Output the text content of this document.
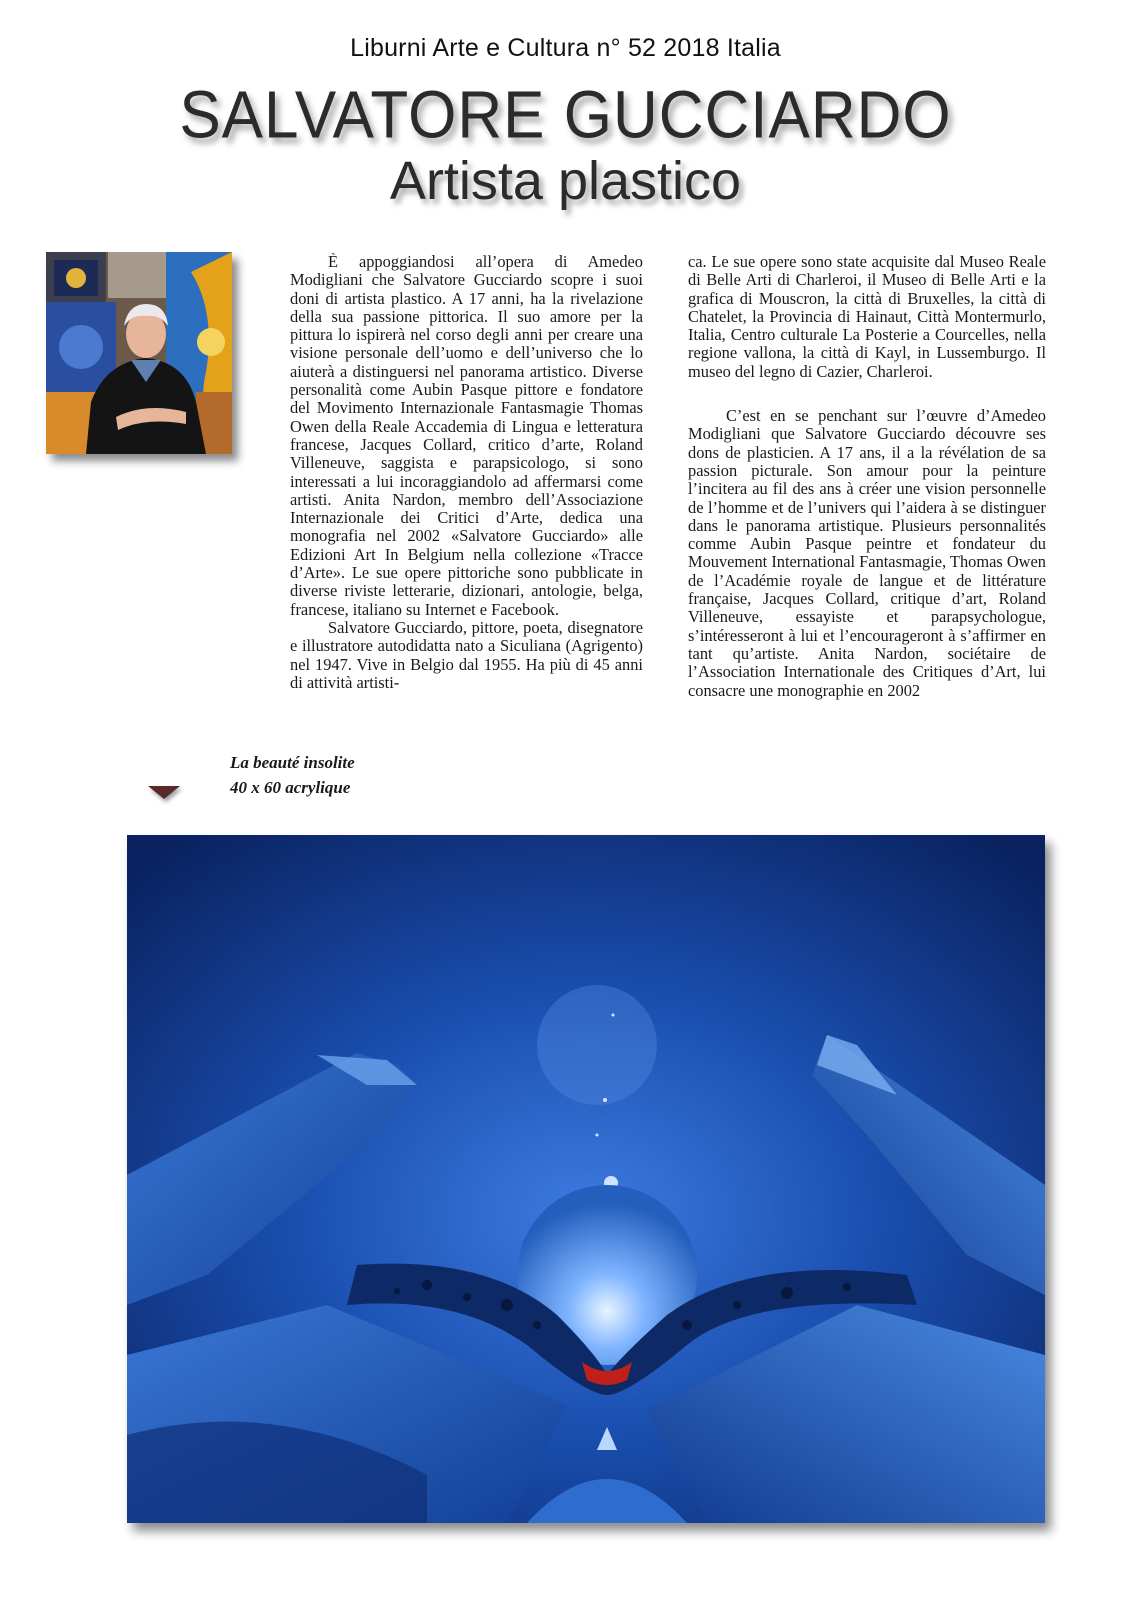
Liburni Arte e Cultura n° 52 2018 Italia
SALVATORE GUCCIARDO
Artista plastico

È appoggiandosi all’opera di Amedeo Modigliani che Salvatore Gucciardo scopre i suoi doni di artista plastico. A 17 anni, ha la rivelazione della sua passione pittorica. Il suo amore per la pittura lo ispirerà nel corso degli anni per creare una visione personale dell’uomo e dell’universo che lo aiuterà a distinguersi nel panorama artistico. Diverse personalità come Aubin Pasque pittore e fondatore del Movimento Internazionale Fantasmagie Thomas Owen della Reale Accademia di Lingua e letteratura francese, Jacques Collard, critico d’arte, Roland Villeneuve, saggista e parapsicologo, si sono interessati a lui incoraggiandolo ad affermarsi come artisti. Anita Nardon, membro dell’Associazione Internazionale dei Critici d’Arte, dedica una monografia nel 2002 «Salvatore Gucciardo» alle Edizioni Art In Belgium nella collezione «Tracce d’Arte». Le sue opere pittoriche sono pubblicate in diverse riviste letterarie, dizionari, antologie, belga, francese, italiano su Internet e Facebook.

Salvatore Gucciardo, pittore, poeta, disegnatore e illustratore autodidatta nato a Siculiana (Agrigento) nel 1947. Vive in Belgio dal 1955. Ha più di 45 anni di attività artisti-

ca. Le sue opere sono state acquisite dal Museo Reale di Belle Arti di Charleroi, il Museo di Belle Arti e la grafica di Mouscron, la città di Bruxelles, la città di Chatelet, la Provincia di Hainaut, Città Montermurlo, Italia, Centro culturale La Posterie a Courcelles, nella regione vallona, la città di Kayl, in Lussemburgo. Il museo del legno di Cazier, Charleroi.

C’est en se penchant sur l’œuvre d’Amedeo Modigliani que Salvatore Gucciardo découvre ses dons de plasticien. A 17 ans, il a la révélation de sa passion picturale. Son amour pour la peinture l’incitera au fil des ans à créer une vision personnelle de l’homme et de l’univers qui l’aidera à se distinguer dans le panorama artistique. Plusieurs personnalités comme Aubin Pasque peintre et fondateur du Mouvement International Fantasmagie, Thomas Owen de l’Académie royale de langue et de littérature française, Jacques Collard, critique d’art, Roland Villeneuve, essayiste et parapsychologue, s’intéresseront à lui et l’encourageront à s’affirmer en tant qu’artiste. Anita Nardon, sociétaire de l’Association Internationale des Critiques d’Art, lui consacre une monographie en 2002

La beauté insolite
40 x 60 acrylique
